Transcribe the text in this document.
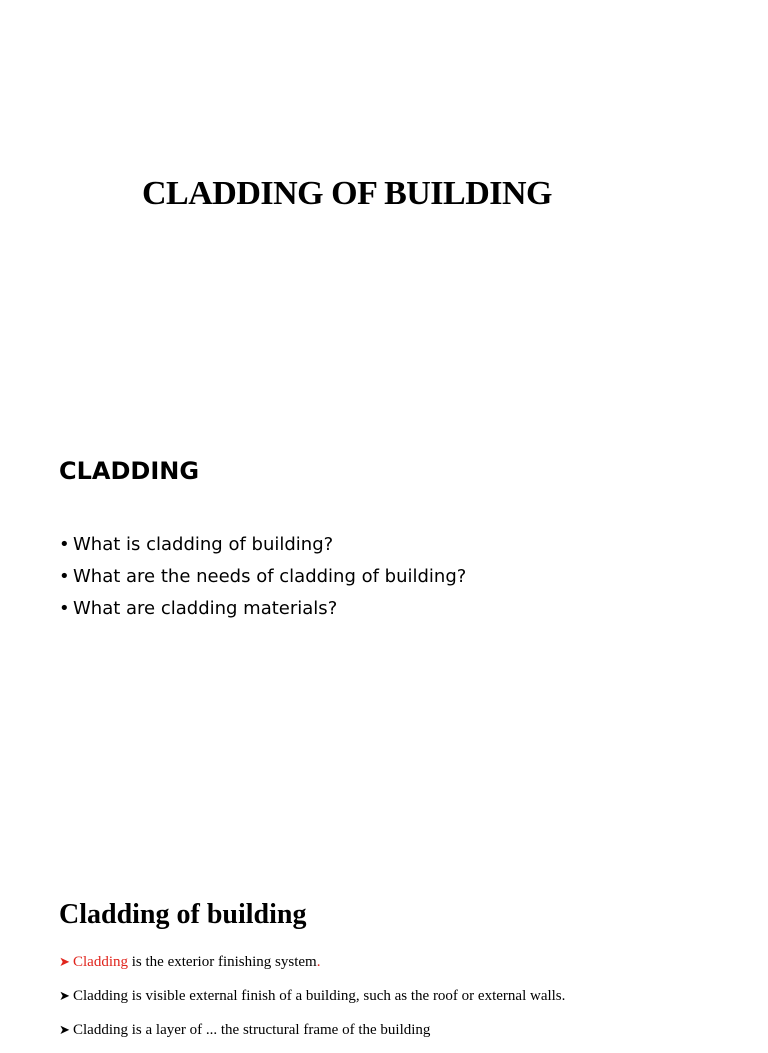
CLADDING OF BUILDING
CLADDING
• What is cladding of building?
• What are the needs of cladding of building?
• What are cladding materials?
Cladding of building
➤ Cladding is the exterior finishing system.
➤ Cladding is visible external finish of a building, such as the roof or external walls.
➤ Cladding is a layer of ... the structural frame of the building
